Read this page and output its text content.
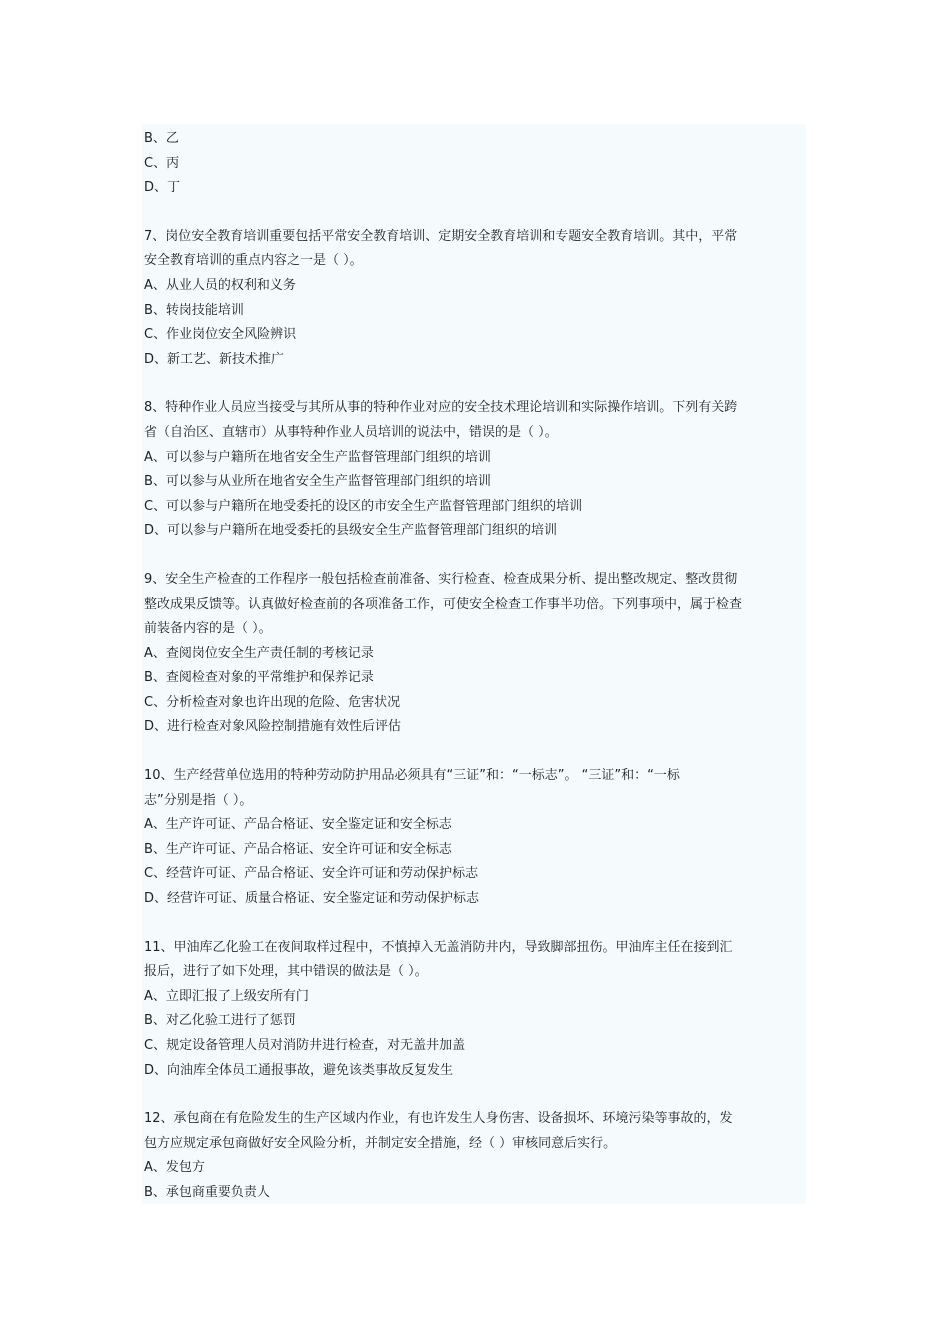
B、乙
C、丙
D、丁
7、岗位安全教育培训重要包括平常安全教育培训、定期安全教育培训和专题安全教育培训。其中，平常
安全教育培训的重点内容之一是（ ）。
A、从业人员的权利和义务
B、转岗技能培训
C、作业岗位安全风险辨识
D、新工艺、新技术推广
8、特种作业人员应当接受与其所从事的特种作业对应的安全技术理论培训和实际操作培训。下列有关跨
省（自治区、直辖市）从事特种作业人员培训的说法中，错误的是（ ）。
A、可以参与户籍所在地省安全生产监督管理部门组织的培训
B、可以参与从业所在地省安全生产监督管理部门组织的培训
C、可以参与户籍所在地受委托的设区的市安全生产监督管理部门组织的培训
D、可以参与户籍所在地受委托的县级安全生产监督管理部门组织的培训
9、安全生产检查的工作程序一般包括检查前准备、实行检查、检查成果分析、提出整改规定、整改贯彻
整改成果反馈等。认真做好检查前的各项准备工作，可使安全检查工作事半功倍。下列事项中，属于检查
前装备内容的是（ ）。
A、查阅岗位安全生产责任制的考核记录
B、查阅检查对象的平常维护和保养记录
C、分析检查对象也许出现的危险、危害状况
D、进行检查对象风险控制措施有效性后评估
10、生产经营单位选用的特种劳动防护用品必须具有“三证”和：“一标志”。 “三证”和：“一标
志”分别是指（ ）。
A、生产许可证、产品合格证、安全鉴定证和安全标志
B、生产许可证、产品合格证、安全许可证和安全标志
C、经营许可证、产品合格证、安全许可证和劳动保护标志
D、经营许可证、质量合格证、安全鉴定证和劳动保护标志
11、甲油库乙化验工在夜间取样过程中，不慎掉入无盖消防井内，导致脚部扭伤。甲油库主任在接到汇
报后，进行了如下处理，其中错误的做法是（ ）。
A、立即汇报了上级安所有门
B、对乙化验工进行了惩罚
C、规定设备管理人员对消防井进行检查，对无盖井加盖
D、向油库全体员工通报事故，避免该类事故反复发生
12、承包商在有危险发生的生产区域内作业，有也许发生人身伤害、设备损坏、环境污染等事故的，发
包方应规定承包商做好安全风险分析，并制定安全措施，经（ ）审核同意后实行。
A、发包方
B、承包商重要负责人
